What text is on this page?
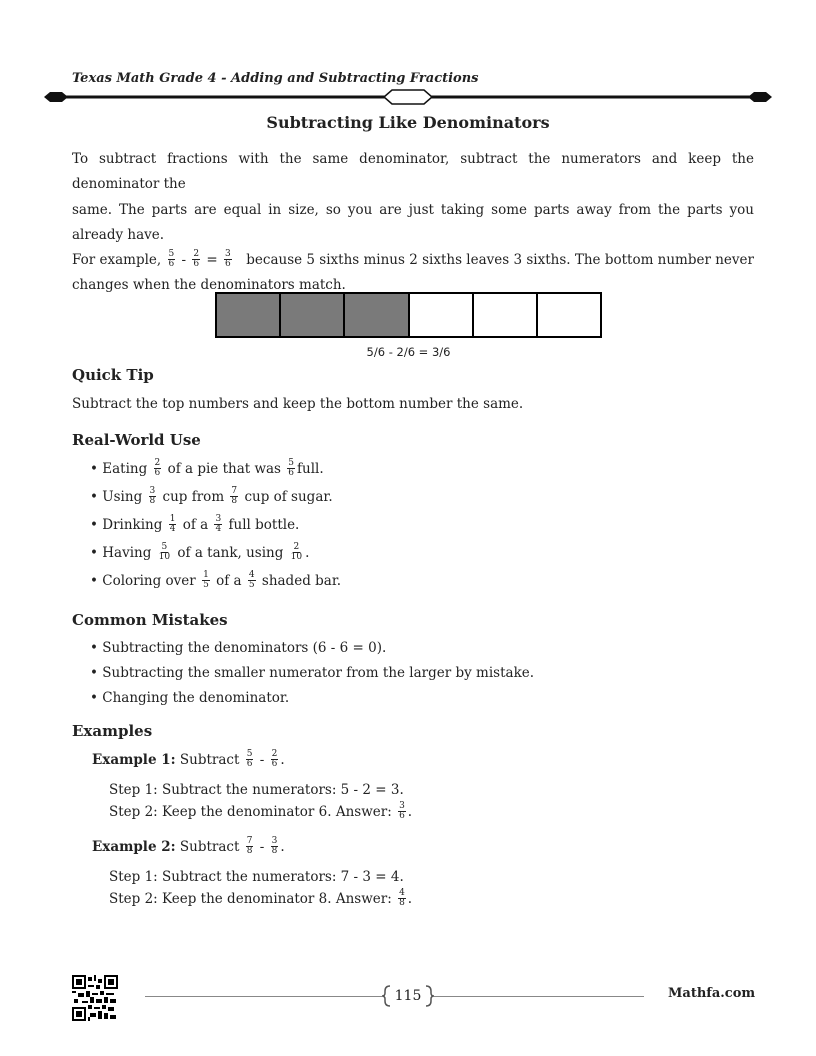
Texas Math Grade 4 - Adding and Subtracting Fractions
Subtracting Like Denominators
To subtract fractions with the same denominator, subtract the numerators and keep the denominator the
same. The parts are equal in size, so you are just taking some parts away from the parts you already have.
For example, $\frac{5}{6} - \frac{2}{6} = \frac{3}{6}$ because 5 sixths minus 2 sixths leaves 3 sixths. The bottom number never
changes when the denominators match.
5/6 - 2/6 = 3/6
Quick Tip
Subtract the top numbers and keep the bottom number the same.
Real-World Use
• Eating $\frac{2}{6}$ of a pie that was $\frac{5}{6}$ full.
• Using $\frac{3}{8}$ cup from $\frac{7}{8}$ cup of sugar.
• Drinking $\frac{1}{4}$ of a $\frac{3}{4}$ full bottle.
• Having $\frac{5}{10}$ of a tank, using $\frac{2}{10}$ .
• Coloring over $\frac{1}{5}$ of a $\frac{4}{5}$ shaded bar.
Common Mistakes
• Subtracting the denominators (6 - 6 = 0).
• Subtracting the smaller numerator from the larger by mistake.
• Changing the denominator.
Examples
Example 1: Subtract $\frac{5}{6} - \frac{2}{6}$ .
Step 1: Subtract the numerators: 5 - 2 = 3.
Step 2: Keep the denominator 6. Answer: $\frac{3}{6}$ .
Example 2: Subtract $\frac{7}{8} - \frac{3}{8}$ .
Step 1: Subtract the numerators: 7 - 3 = 4.
Step 2: Keep the denominator 8. Answer: $\frac{4}{8}$ .
115	Mathfa.com
